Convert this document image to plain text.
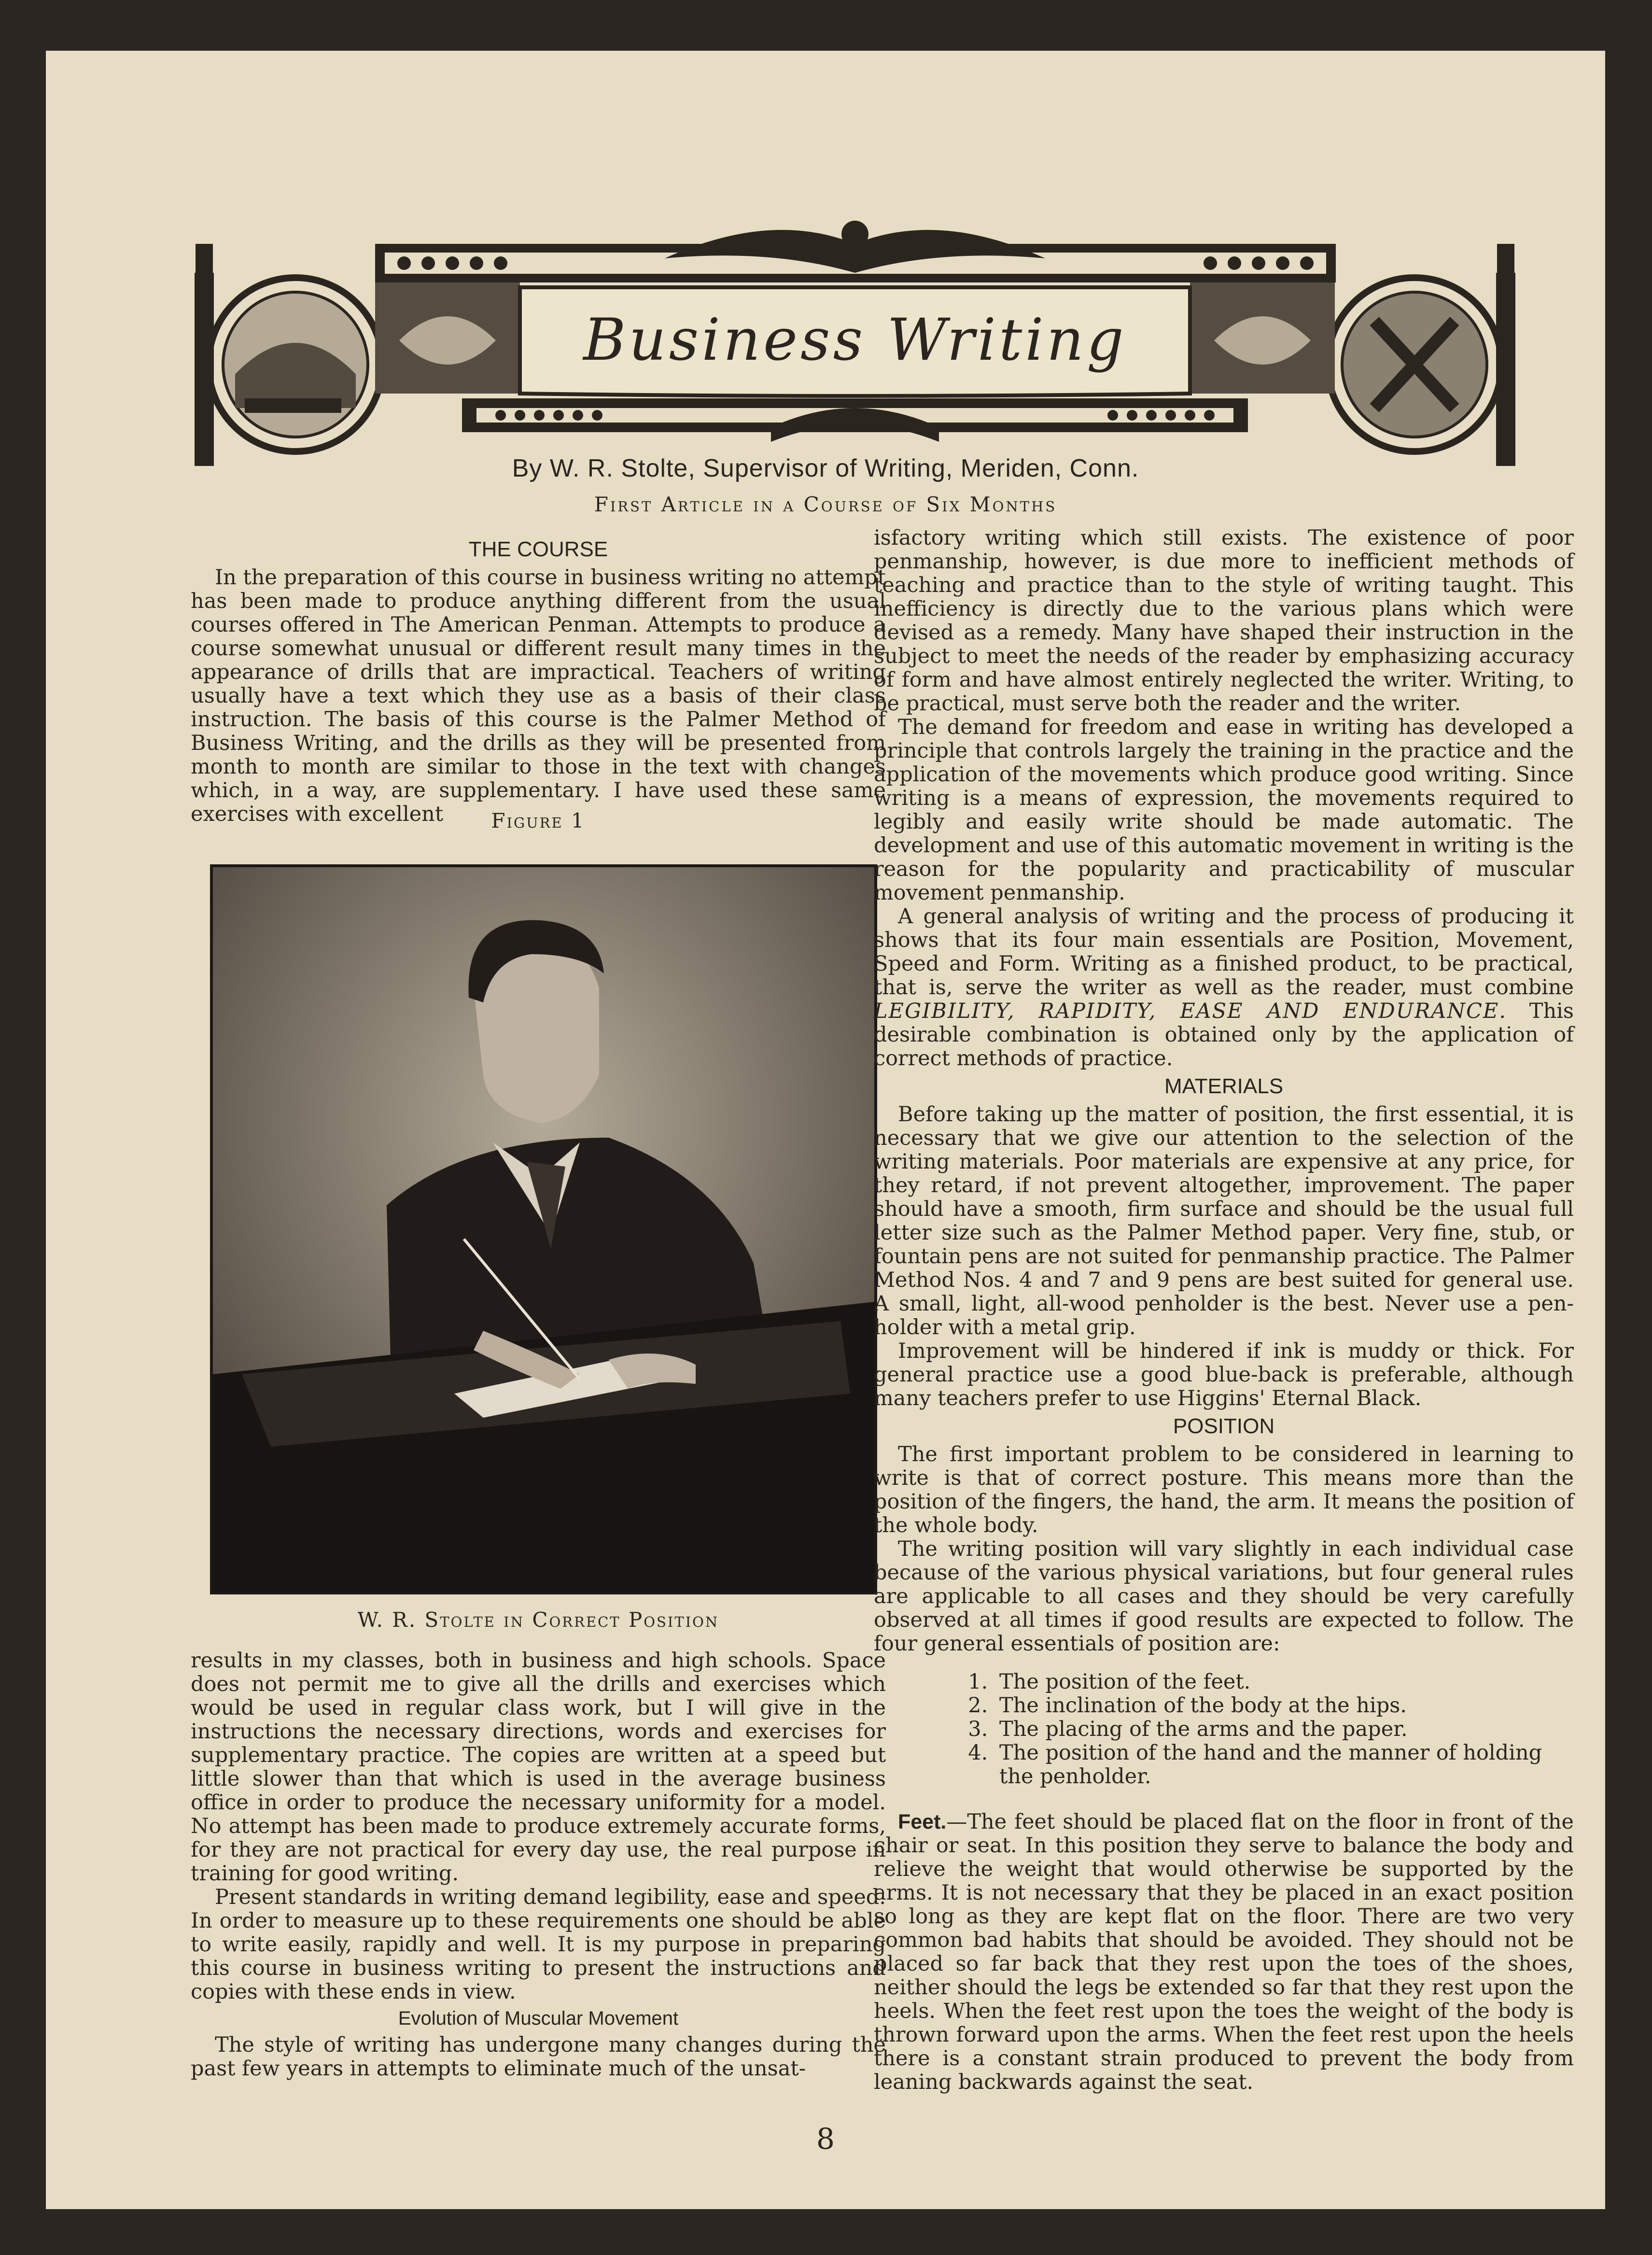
Business Writing
By W. R. Stolte, Supervisor of Writing, Meriden, Conn.
First Article in a Course of Six Months
THE COURSE

In the preparation of this course in business writing no attempt has been made to produce anything different from the usual courses offered in The American Penman. Attempts to produce a course somewhat unusual or different result many times in the appearance of drills that are impractical. Teachers of writing usually have a text which they use as a basis of their class instruction. The basis of this course is the Palmer Method of Business Writing, and the drills as they will be presented from month to month are similar to those in the text with changes which, in a way, are supplementary. I have used these same exercises with excellent	Figure 1
W. R. Stolte in Correct Position

results in my classes, both in business and high schools. Space does not permit me to give all the drills and exercises which would be used in regular class work, but I will give in the instructions the necessary directions, words and exercises for supplementary practice. The copies are written at a speed but little slower than that which is used in the average business office in order to produce the necessary uniformity for a model. No attempt has been made to produce extremely accurate forms, for they are not practical for every day use, the real purpose in training for good writing.

Present standards in writing demand legibility, ease and speed. In order to measure up to these requirements one should be able to write easily, rapidly and well. It is my purpose in preparing this course in business writing to present the instructions and copies with these ends in view.

Evolution of Muscular Movement

The style of writing has undergone many changes during the past few years in attempts to eliminate much of the unsat-

isfactory writing which still exists. The existence of poor penmanship, however, is due more to inefficient methods of teaching and practice than to the style of writing taught. This inefficiency is directly due to the various plans which were devised as a remedy. Many have shaped their instruction in the subject to meet the needs of the reader by emphasizing accuracy of form and have almost entirely neglected the writer. Writing, to be practical, must serve both the reader and the writer.

The demand for freedom and ease in writing has developed a principle that controls largely the training in the practice and the application of the movements which produce good writing. Since writing is a means of expression, the movements required to legibly and easily write should be made automatic. The development and use of this automatic movement in writing is the reason for the popularity and practicability of muscular movement penmanship.

A general analysis of writing and the process of producing it shows that its four main essentials are Position, Movement, Speed and Form. Writing as a finished product, to be practical, that is, serve the writer as well as the reader, must combine LEGIBILITY, RAPIDITY, EASE AND ENDURANCE. This desirable combination is obtained only by the application of correct methods of practice.

MATERIALS

Before taking up the matter of position, the first essential, it is necessary that we give our attention to the selection of the writing materials. Poor materials are expensive at any price, for they retard, if not prevent altogether, improvement. The paper should have a smooth, firm surface and should be the usual full letter size such as the Palmer Method paper. Very fine, stub, or fountain pens are not suited for penmanship practice. The Palmer Method Nos. 4 and 7 and 9 pens are best suited for general use. A small, light, all-wood penholder is the best. Never use a pen-holder with a metal grip.

Improvement will be hindered if ink is muddy or thick. For general practice use a good blue-back is preferable, although many teachers prefer to use Higgins' Eternal Black.

POSITION

The first important problem to be considered in learning to write is that of correct posture. This means more than the position of the fingers, the hand, the arm. It means the position of the whole body.

The writing position will vary slightly in each individual case because of the various physical variations, but four general rules are applicable to all cases and they should be very carefully observed at all times if good results are expected to follow. The four general essentials of position are:

1. The position of the feet.
2. The inclination of the body at the hips.
3. The placing of the arms and the paper.
4. The position of the hand and the manner of holding the penholder.

Feet.—The feet should be placed flat on the floor in front of the chair or seat. In this position they serve to balance the body and relieve the weight that would otherwise be supported by the arms. It is not necessary that they be placed in an exact position so long as they are kept flat on the floor. There are two very common bad habits that should be avoided. They should not be placed so far back that they rest upon the toes of the shoes, neither should the legs be extended so far that they rest upon the heels. When the feet rest upon the toes the weight of the body is thrown forward upon the arms. When the feet rest upon the heels there is a constant strain produced to prevent the body from leaning backwards against the seat.

8
